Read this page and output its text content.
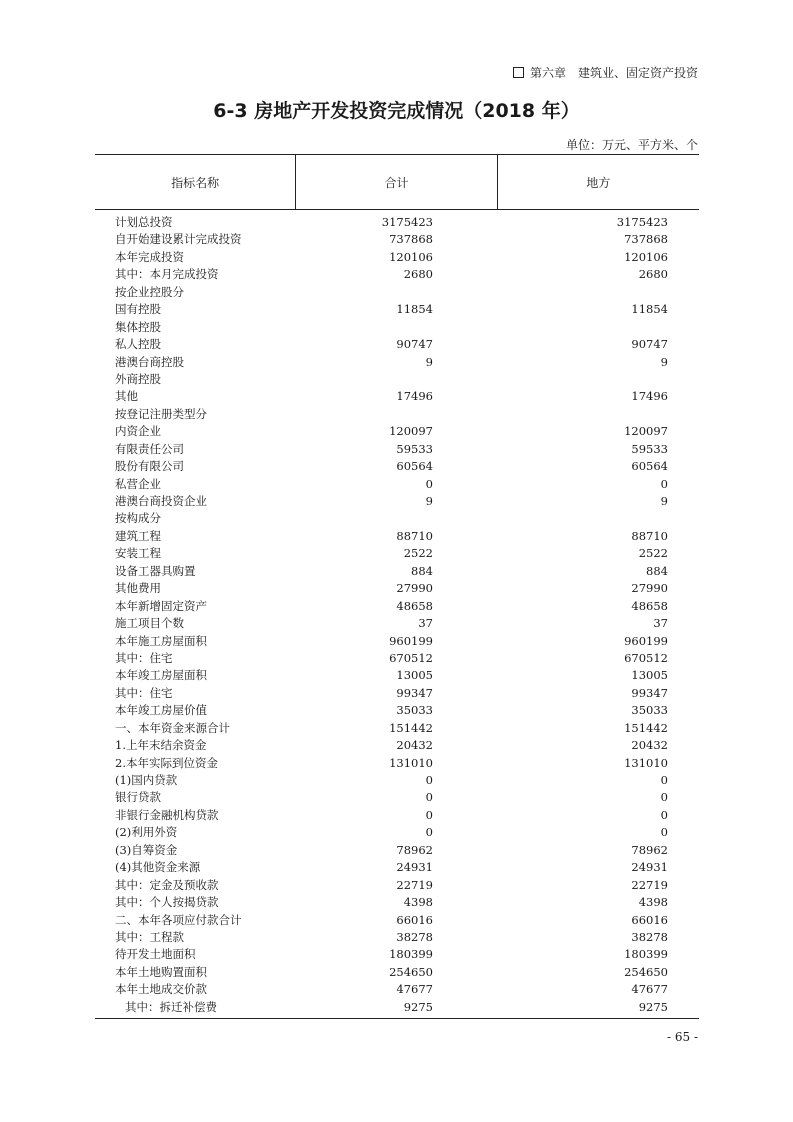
第六章　建筑业、固定资产投资
6-3 房地产开发投资完成情况（2018 年）
单位：万元、平方米、个
指标名称	合计	地方
计划总投资	3175423	3175423
自开始建设累计完成投资	737868	737868
本年完成投资	120106	120106
其中：本月完成投资	2680	2680
按企业控股分
国有控股	11854	11854
集体控股
私人控股	90747	90747
港澳台商控股	9	9
外商控股
其他	17496	17496
按登记注册类型分
内资企业	120097	120097
有限责任公司	59533	59533
股份有限公司	60564	60564
私营企业	0	0
港澳台商投资企业	9	9
按构成分
建筑工程	88710	88710
安装工程	2522	2522
设备工器具购置	884	884
其他费用	27990	27990
本年新增固定资产	48658	48658
施工项目个数	37	37
本年施工房屋面积	960199	960199
其中：住宅	670512	670512
本年竣工房屋面积	13005	13005
其中：住宅	99347	99347
本年竣工房屋价值	35033	35033
一、本年资金来源合计	151442	151442
1.上年末结余资金	20432	20432
2.本年实际到位资金	131010	131010
(1)国内贷款	0	0
银行贷款	0	0
非银行金融机构贷款	0	0
(2)利用外资	0	0
(3)自筹资金	78962	78962
(4)其他资金来源	24931	24931
其中：定金及预收款	22719	22719
其中：个人按揭贷款	4398	4398
二、本年各项应付款合计	66016	66016
其中：工程款	38278	38278
待开发土地面积	180399	180399
本年土地购置面积	254650	254650
本年土地成交价款	47677	47677
其中：拆迁补偿费	9275	9275
- 65 -
